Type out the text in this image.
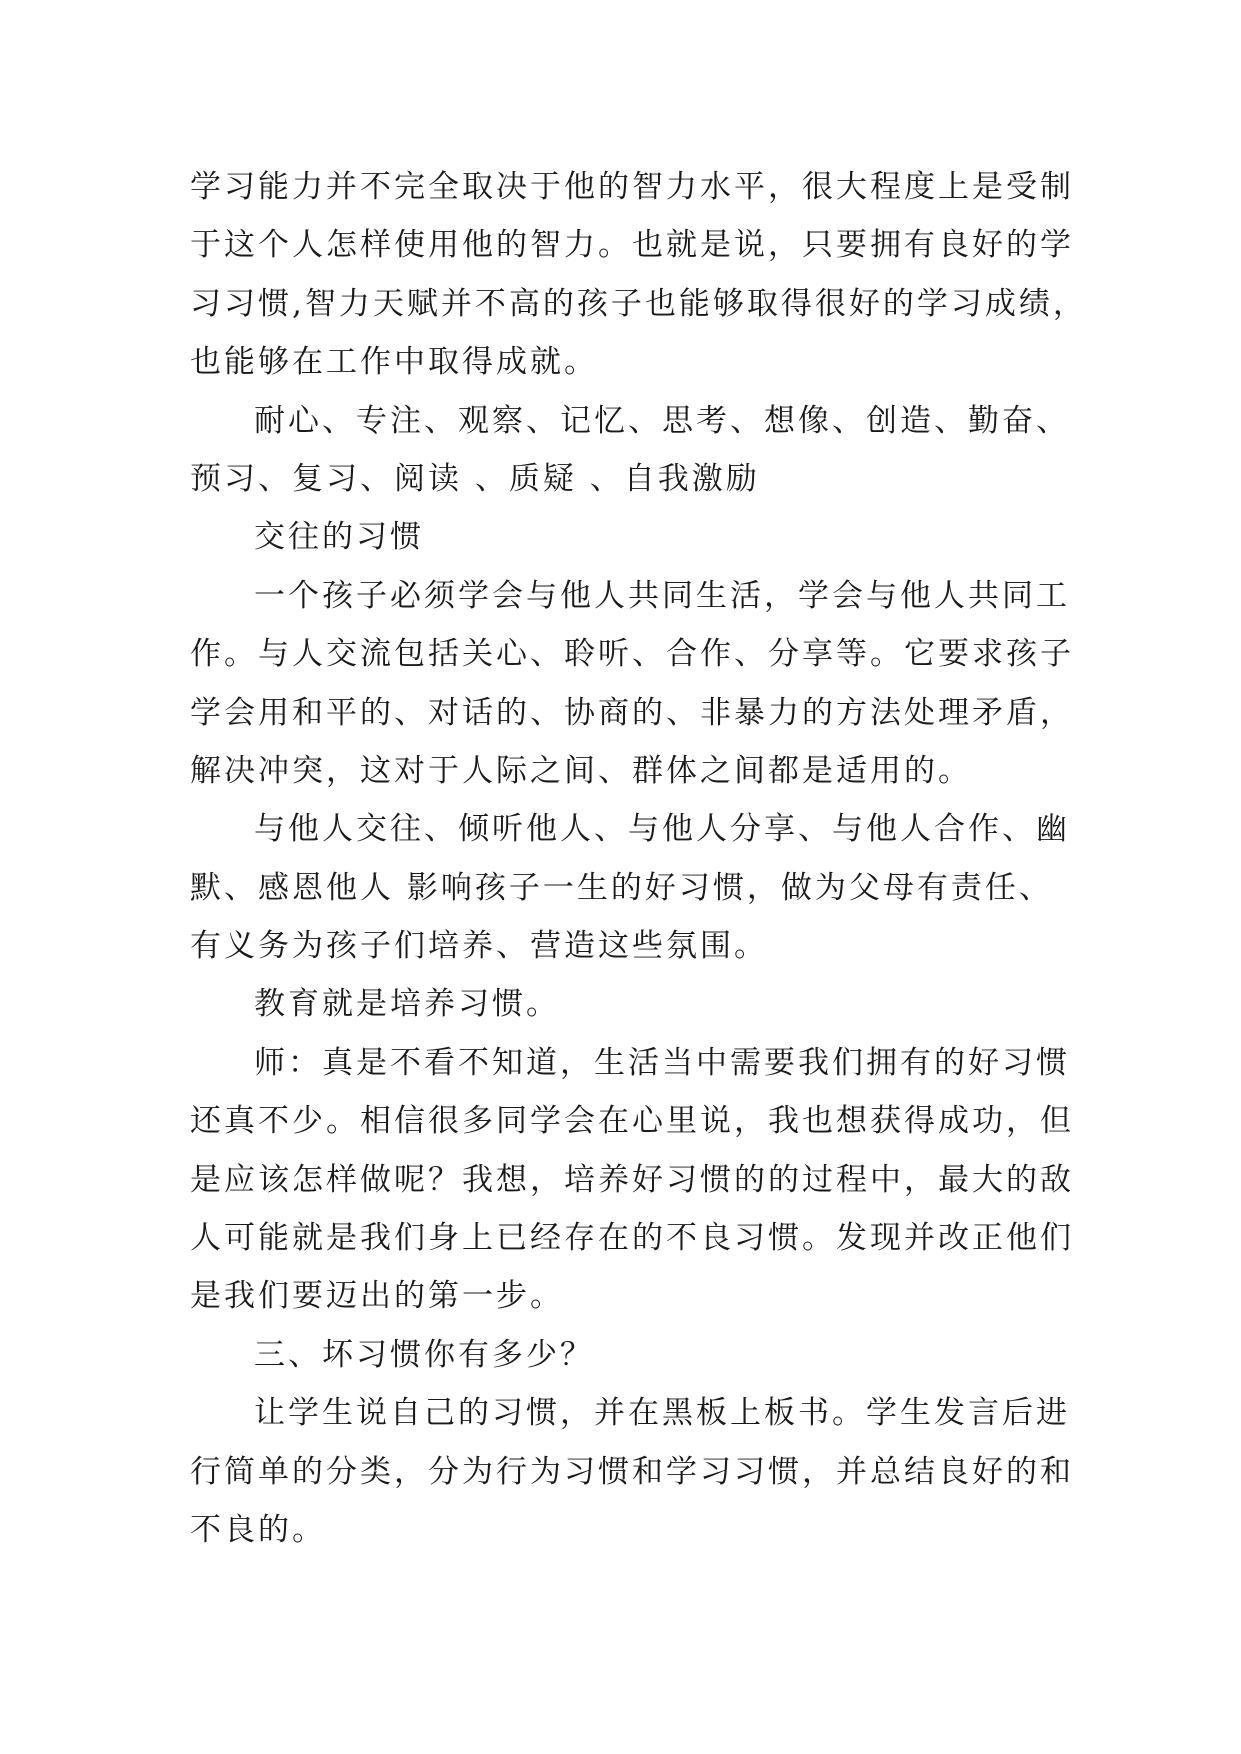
学习能力并不完全取决于他的智力水平，很大程度上是受制
于这个人怎样使用他的智力。也就是说，只要拥有良好的学
习习惯,智力天赋并不高的孩子也能够取得很好的学习成绩，
也能够在工作中取得成就。
耐心、专注、观察、记忆、思考、想像、创造、勤奋、
预习、复习、阅读 、质疑 、自我激励
交往的习惯
一个孩子必须学会与他人共同生活，学会与他人共同工
作。与人交流包括关心、聆听、合作、分享等。它要求孩子
学会用和平的、对话的、协商的、非暴力的方法处理矛盾，
解决冲突，这对于人际之间、群体之间都是适用的。
与他人交往、倾听他人、与他人分享、与他人合作、幽
默、感恩他人 影响孩子一生的好习惯，做为父母有责任、
有义务为孩子们培养、营造这些氛围。
教育就是培养习惯。
师：真是不看不知道，生活当中需要我们拥有的好习惯
还真不少。相信很多同学会在心里说，我也想获得成功，但
是应该怎样做呢？我想，培养好习惯的的过程中，最大的敌
人可能就是我们身上已经存在的不良习惯。发现并改正他们
是我们要迈出的第一步。
三、坏习惯你有多少？
让学生说自己的习惯，并在黑板上板书。学生发言后进
行简单的分类，分为行为习惯和学习习惯，并总结良好的和
不良的。
